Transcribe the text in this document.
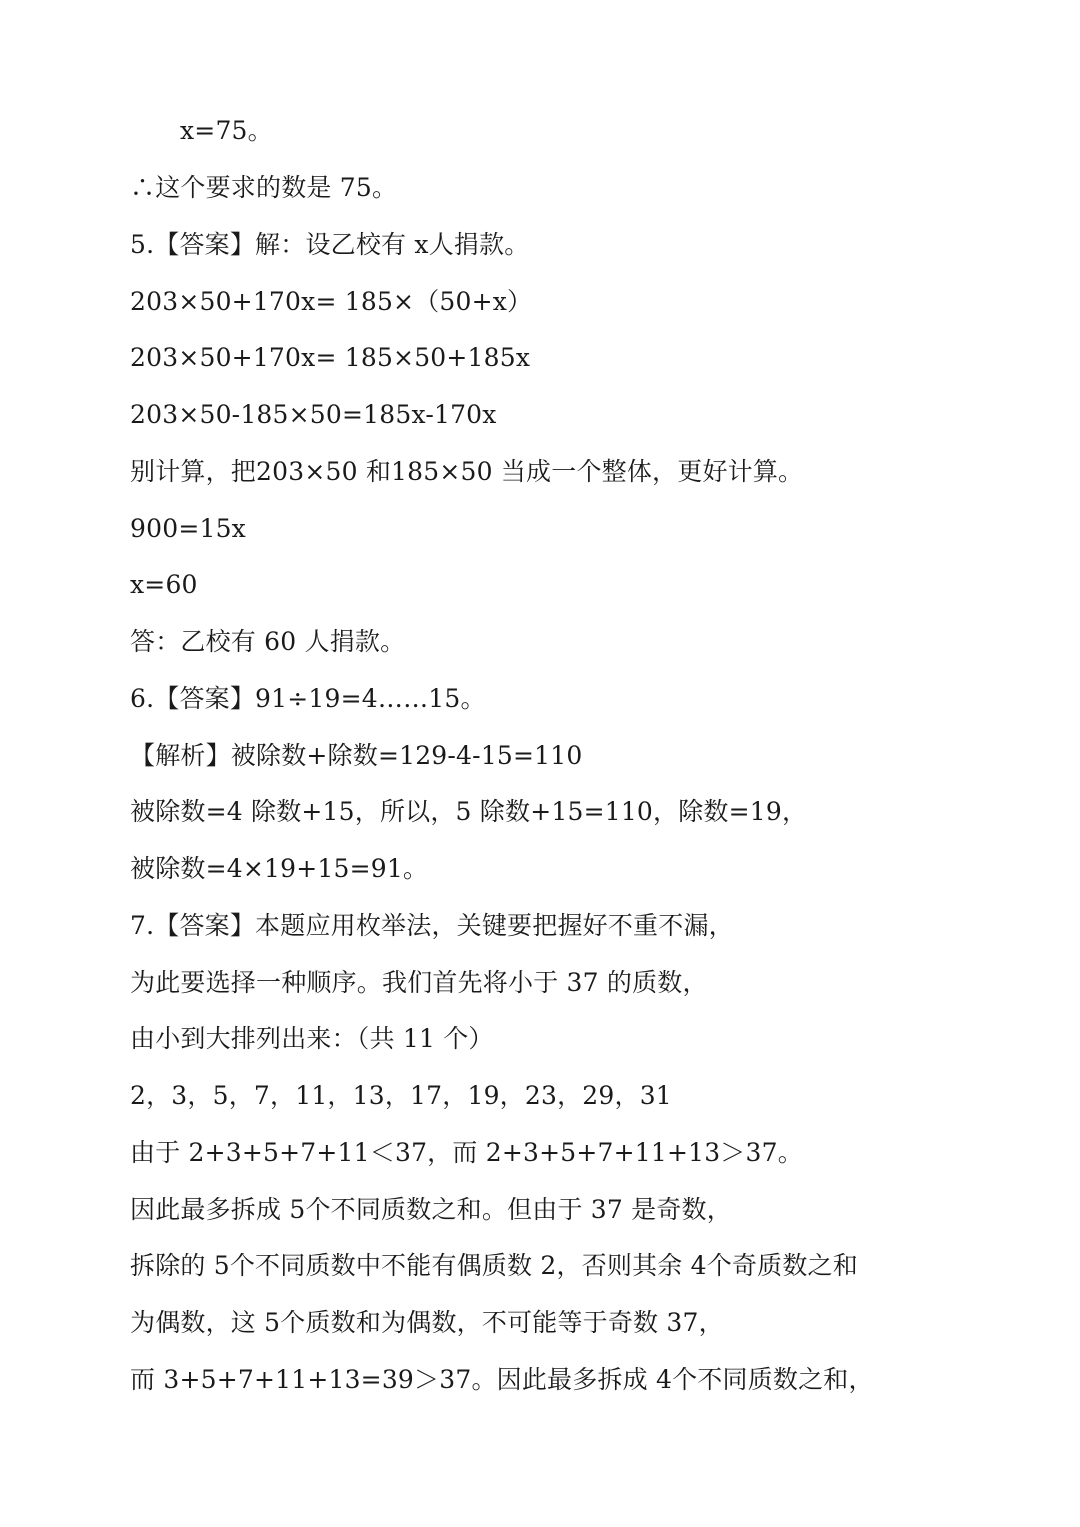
x=75。
∴这个要求的数是 75。
5.【答案】解：设乙校有 x人捐款。
203×50+170x= 185×（50+x）
203×50+170x= 185×50+185x
203×50-185×50=185x-170x
别计算，把203×50 和185×50 当成一个整体，更好计算。
900=15x
x=60
答：乙校有 60 人捐款。
6.【答案】91÷19=4……15。
【解析】被除数+除数=129-4-15=110
被除数=4 除数+15，所以，5 除数+15=110，除数=19，
被除数=4×19+15=91。
7.【答案】本题应用枚举法，关键要把握好不重不漏，
为此要选择一种顺序。我们首先将小于 37 的质数，
由小到大排列出来：（共 11 个）
2，3，5，7，11，13，17，19，23，29，31
由于 2+3+5+7+11＜37，而 2+3+5+7+11+13＞37。
因此最多拆成 5个不同质数之和。但由于 37 是奇数，
拆除的 5个不同质数中不能有偶质数 2，否则其余 4个奇质数之和
为偶数，这 5个质数和为偶数，不可能等于奇数 37，
而 3+5+7+11+13=39＞37。因此最多拆成 4个不同质数之和，
